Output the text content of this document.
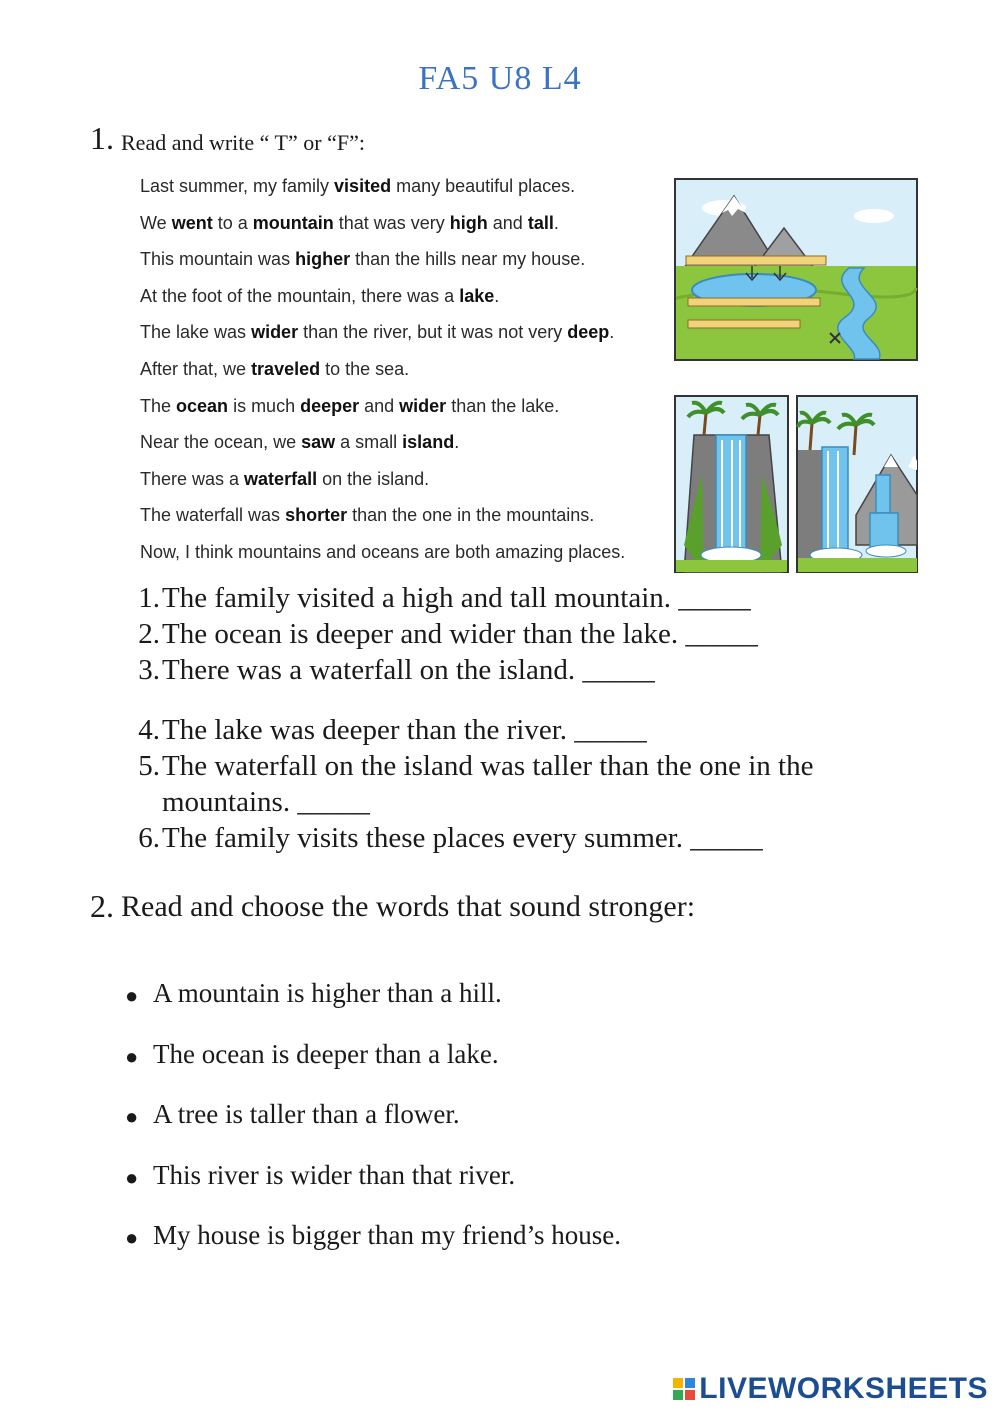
FA5 U8 L4
1. Read and write “ T” or “F”:
Last summer, my family visited many beautiful places.
We went to a mountain that was very high and tall.
This mountain was higher than the hills near my house.
At the foot of the mountain, there was a lake.
The lake was wider than the river, but it was not very deep.
After that, we traveled to the sea.
The ocean is much deeper and wider than the lake.
Near the ocean, we saw a small island.
There was a waterfall on the island.
The waterfall was shorter than the one in the mountains.
Now, I think mountains and oceans are both amazing places.
1. The family visited a high and tall mountain. _____
2. The ocean is deeper and wider than the lake. _____
3. There was a waterfall on the island. _____
4. The lake was deeper than the river. _____
5. The waterfall on the island was taller than the one in the mountains. _____
6. The family visits these places every summer. _____
2. Read and choose the words that sound stronger:
● A mountain is higher than a hill.
● The ocean is deeper than a lake.
● A tree is taller than a flower.
● This river is wider than that river.
● My house is bigger than my friend’s house.
LIVEWORKSHEETS
